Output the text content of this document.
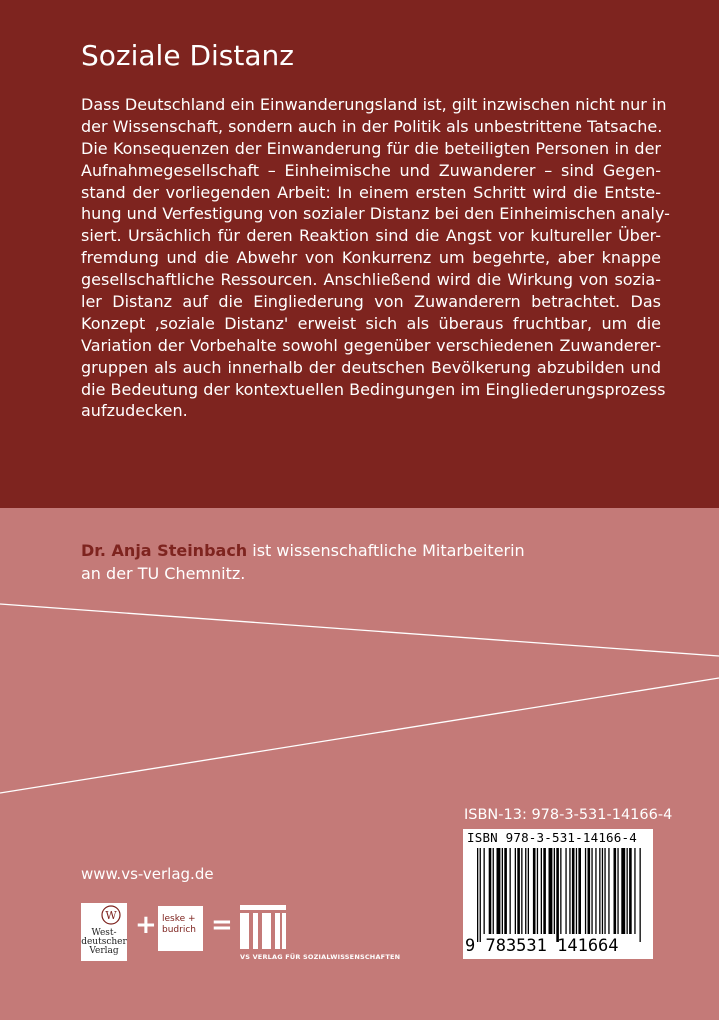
Soziale Distanz
Dass Deutschland ein Einwanderungsland ist, gilt inzwischen nicht nur in
der Wissenschaft, sondern auch in der Politik als unbestrittene Tatsache.
Die Konsequenzen der Einwanderung für die beteiligten Personen in der
Aufnahmegesellschaft – Einheimische und Zuwanderer – sind Gegen-
stand der vorliegenden Arbeit: In einem ersten Schritt wird die Entste-
hung und Verfestigung von sozialer Distanz bei den Einheimischen analy-
siert. Ursächlich für deren Reaktion sind die Angst vor kultureller Über-
fremdung und die Abwehr von Konkurrenz um begehrte, aber knappe
gesellschaftliche Ressourcen. Anschließend wird die Wirkung von sozia-
ler Distanz auf die Eingliederung von Zuwanderern betrachtet. Das
Konzept ‚soziale Distanz' erweist sich als überaus fruchtbar, um die
Variation der Vorbehalte sowohl gegenüber verschiedenen Zuwanderer-
gruppen als auch innerhalb der deutschen Bevölkerung abzubilden und
die Bedeutung der kontextuellen Bedingungen im Eingliederungsprozess
aufzudecken.
Dr. Anja Steinbach ist wissenschaftliche Mitarbeiterin
an der TU Chemnitz.
ISBN-13: 978-3-531-14166-4
ISBN 978-3-531-14166-4
9 783531 141664
www.vs-verlag.de
W
West-
deutscher
Verlag
+ leske +
budrich =
VS VERLAG FÜR SOZIALWISSENSCHAFTEN
